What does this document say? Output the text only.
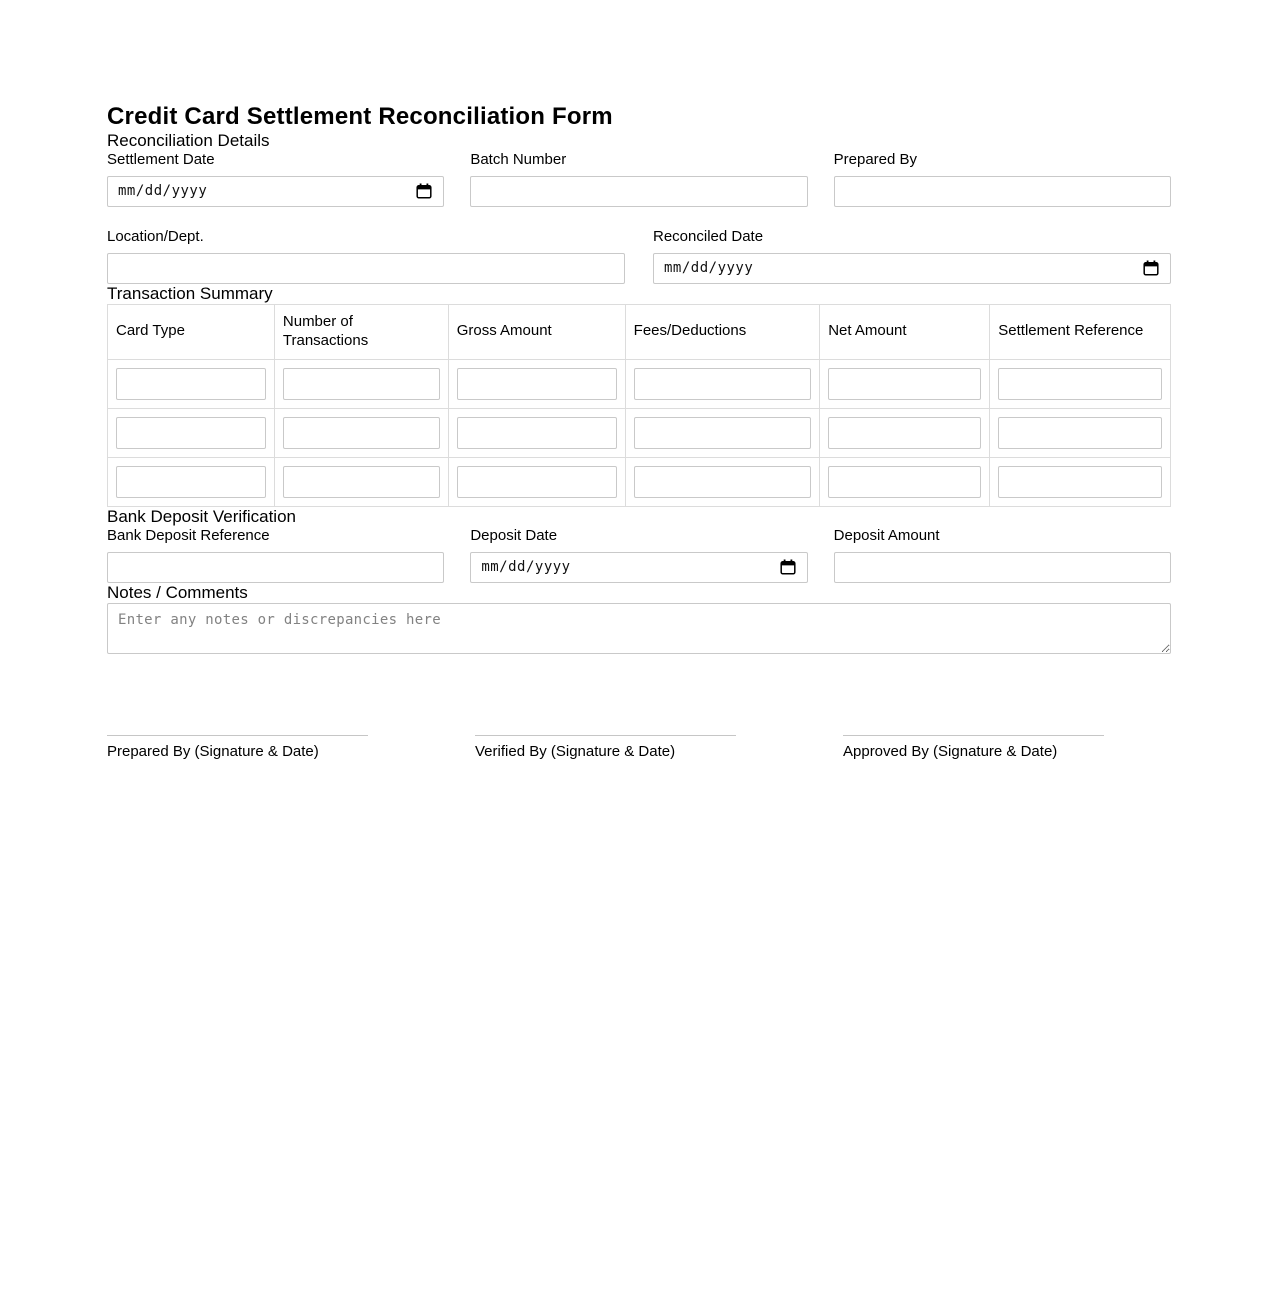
Credit Card Settlement Reconciliation Form
Reconciliation Details
Settlement Date
mm/dd/yyyy
Batch Number	Prepared By
Location/Dept.	Reconciled Date
mm/dd/yyyy
Transaction Summary
Card Type	Number of Transactions	Gross Amount	Fees/Deductions	Net Amount	Settlement Reference

Bank Deposit Verification
Bank Deposit Reference	Deposit Date
mm/dd/yyyy
Deposit Amount
Notes / Comments
Enter any notes or discrepancies here
Prepared By (Signature & Date)	Verified By (Signature & Date)	Approved By (Signature & Date)
